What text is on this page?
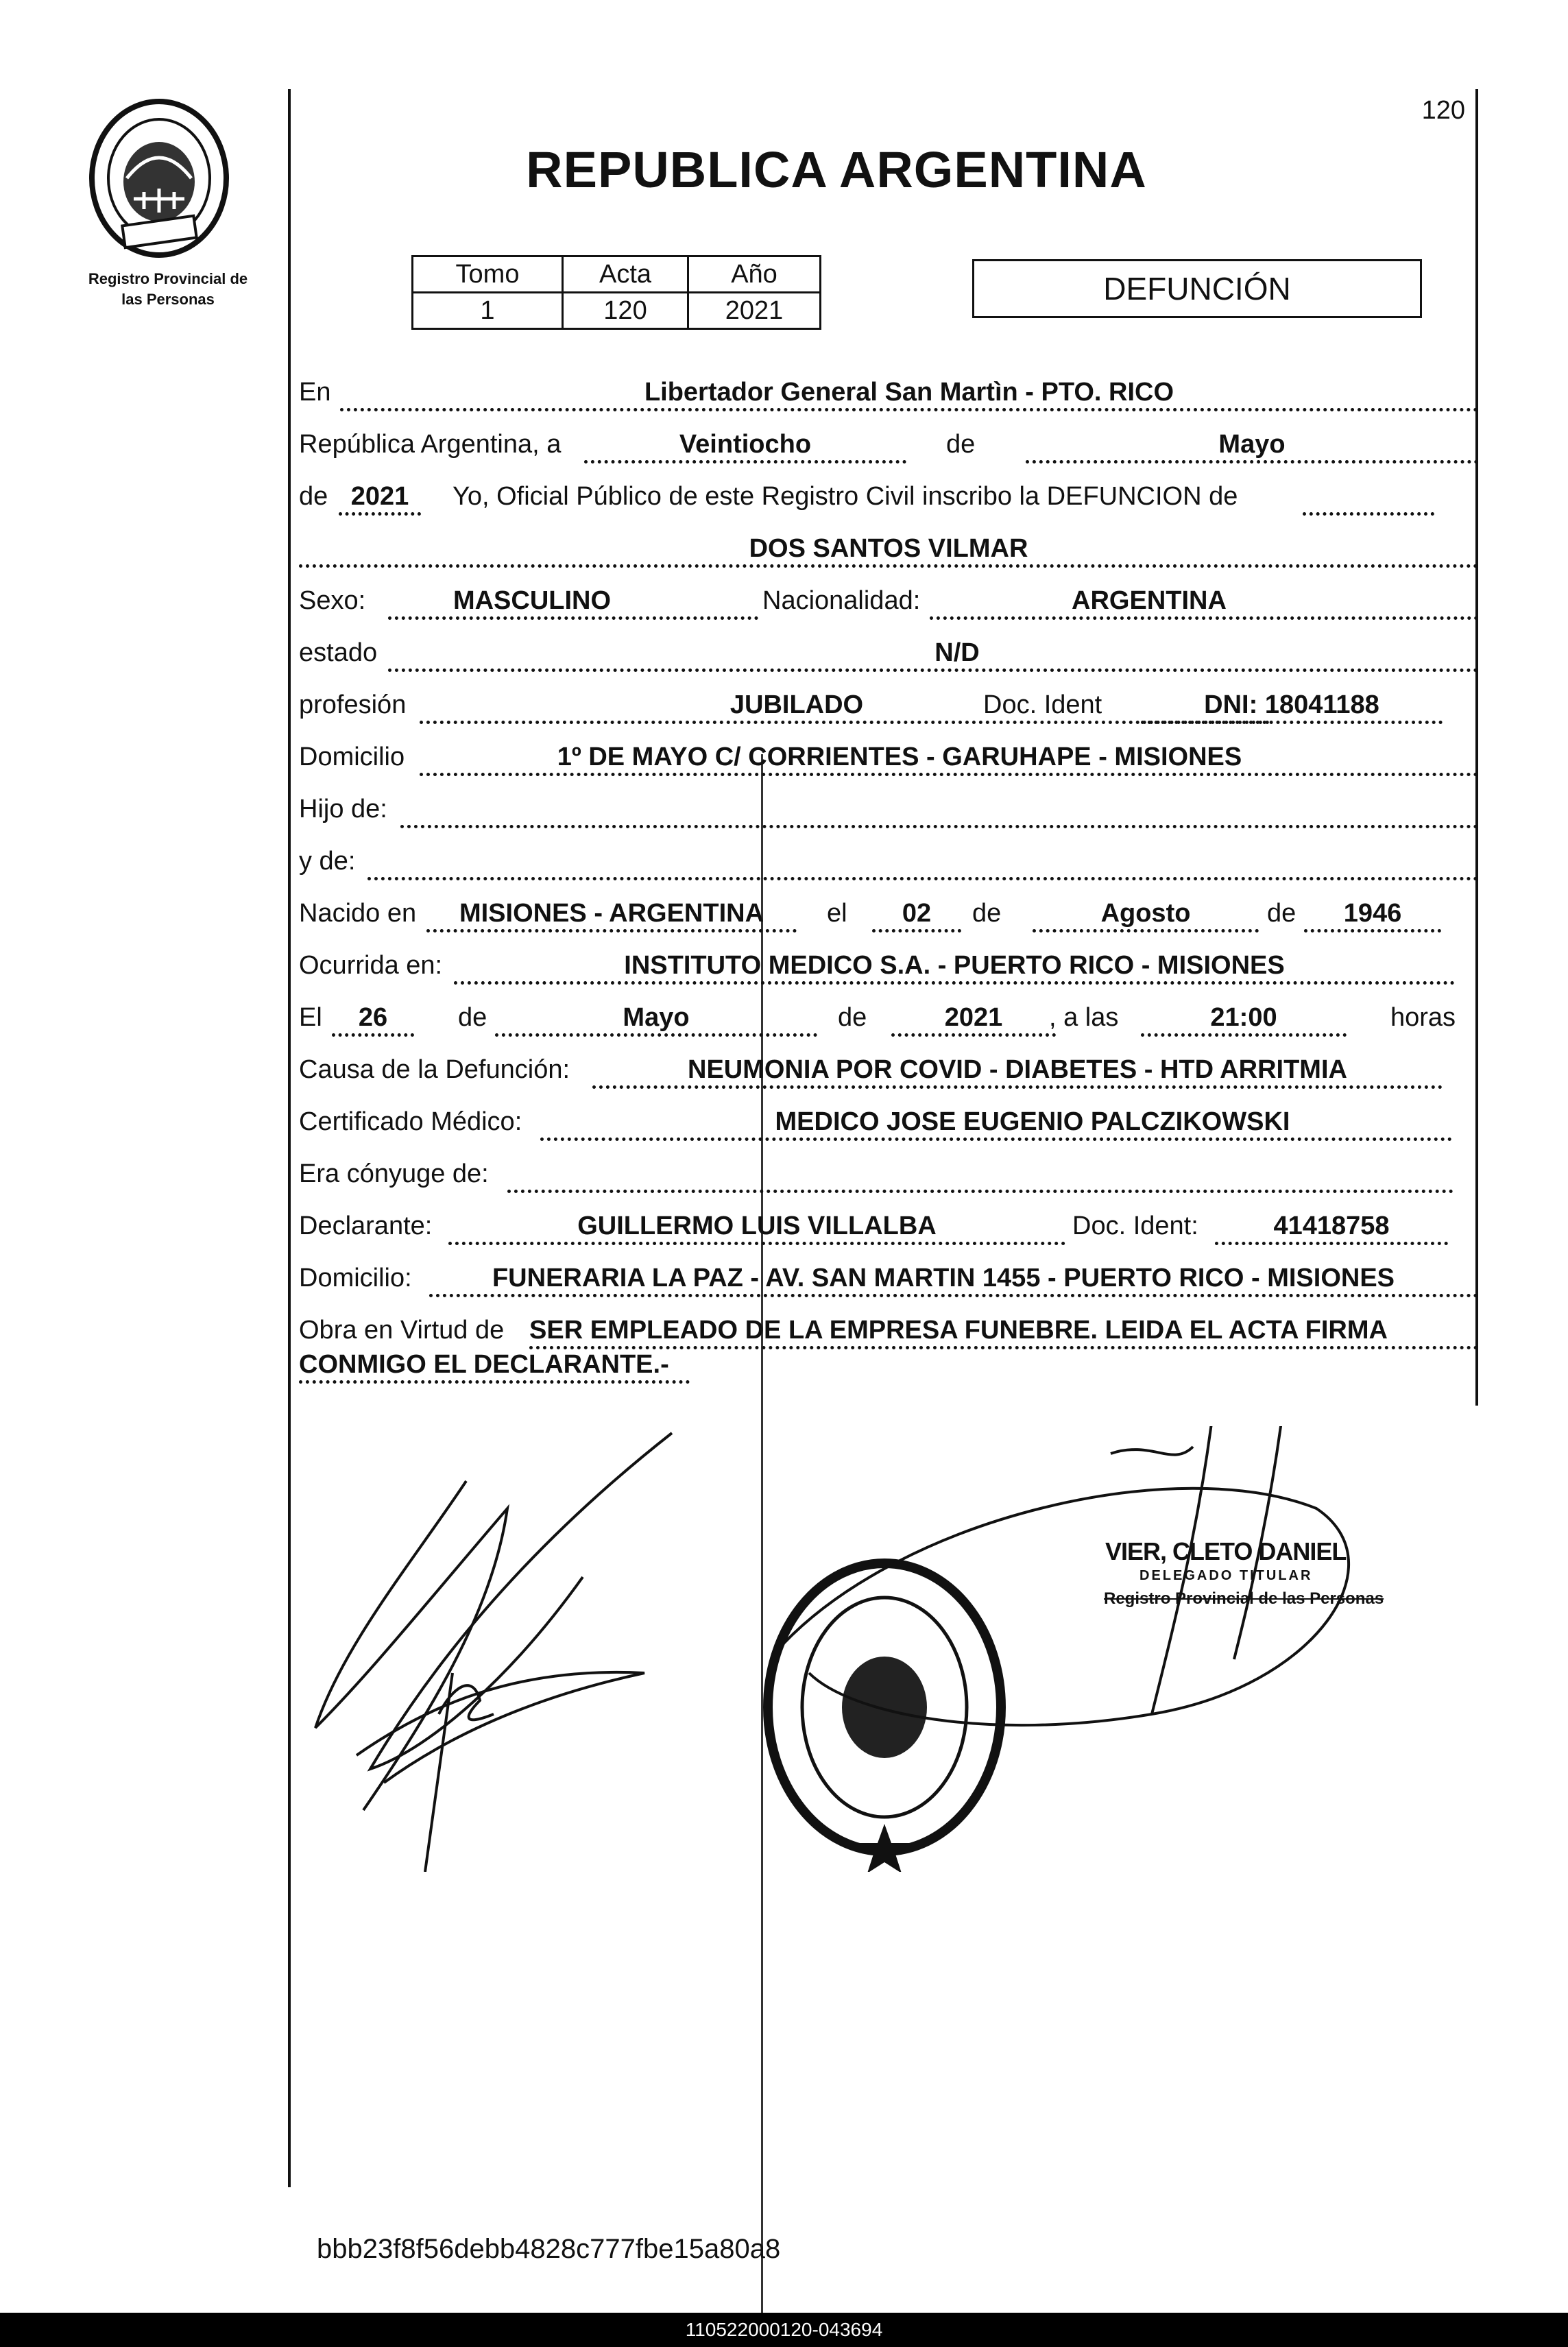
Registro Provincial de
las Personas
120
REPUBLICA ARGENTINA
Tomo	Acta	Año
1	120	2021
DEFUNCIÓN
En	Libertador General San Martìn - PTO. RICO
República Argentina, a	Veintiocho	de	Mayo
de 2021	Yo, Oficial Público de este Registro Civil inscribo la DEFUNCION de
DOS SANTOS VILMAR
Sexo:	MASCULINO	Nacionalidad:	ARGENTINA
estado	N/D
profesión	JUBILADO	Doc. Ident	DNI: 18041188
Domicilio	1º DE MAYO C/ CORRIENTES - GARUHAPE - MISIONES
Hijo de:
y de:
Nacido en	MISIONES - ARGENTINA	el	02	de	Agosto	de	1946
Ocurrida en:	INSTITUTO MEDICO S.A. - PUERTO RICO - MISIONES
El	26	de	Mayo	de	2021	, a las	21:00	horas
Causa de la Defunción:	NEUMONIA POR COVID - DIABETES - HTD ARRITMIA
Certificado Médico:	MEDICO JOSE EUGENIO PALCZIKOWSKI
Era cónyuge de:
Declarante:	GUILLERMO LUIS VILLALBA	Doc. Ident:	41418758
Domicilio:	FUNERARIA LA PAZ - AV. SAN MARTIN 1455 - PUERTO RICO - MISIONES
Obra en Virtud de SER EMPLEADO DE LA EMPRESA FUNEBRE. LEIDA EL ACTA FIRMA
CONMIGO EL DECLARANTE.-
VIER, CLETO DANIEL
DELEGADO TITULAR
Registro Provincial de las Personas
bbb23f8f56debb4828c777fbe15a80a8
110522000120-043694
